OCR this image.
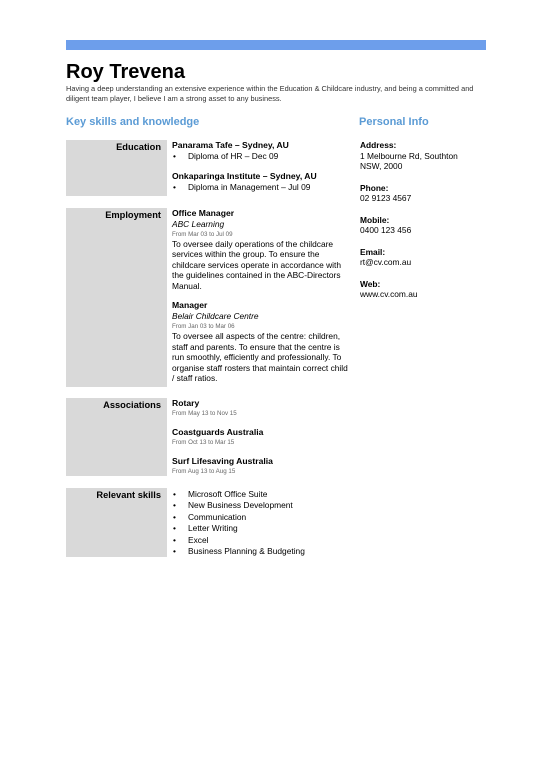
Roy Trevena
Having a deep understanding an extensive experience within the Education & Childcare industry, and being a committed and diligent team player, I believe I am a strong asset to any business.
Key skills and knowledge	Personal Info
Education	Panarama Tafe – Sydney, AU
• Diploma of HR – Dec 09
Onkaparinga Institute – Sydney, AU
• Diploma in Management – Jul 09
Employment	Office Manager
ABC Learning
From Mar 03 to Jul 09
To oversee daily operations of the childcare services within the group. To ensure the childcare services operate in accordance with the guidelines contained in the ABC-Directors Manual.
Manager
Belair Childcare Centre
From Jan 03 to Mar 06
To oversee all aspects of the centre: children, staff and parents. To ensure that the centre is run smoothly, efficiently and professionally. To organise staff rosters that maintain correct child / staff ratios.
Associations	Rotary
From May 13 to Nov 15
Coastguards Australia
From Oct 13 to Mar 15
Surf Lifesaving Australia
From Aug 13 to Aug 15
Relevant skills
•	Microsoft Office Suite
• New Business Development
• Communication
• Letter Writing
• Excel
• Business Planning & Budgeting
Address:
1 Melbourne Rd, Southton
NSW, 2000
Phone:
02 9123 4567
Mobile:
0400 123 456
Email:
rt@cv.com.au
Web:
www.cv.com.au
